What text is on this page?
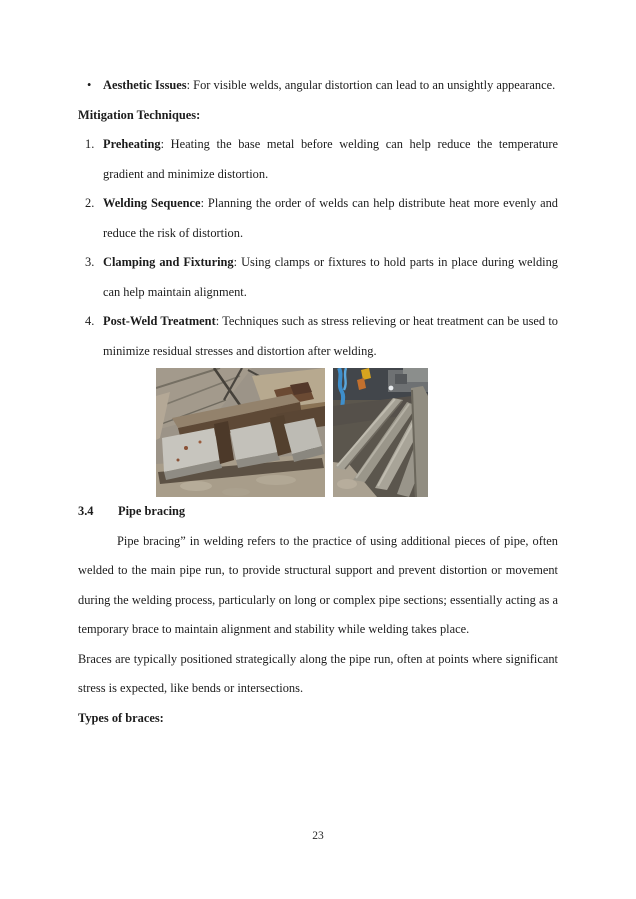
• Aesthetic Issues: For visible welds, angular distortion can lead to an unsightly appearance.

Mitigation Techniques:

1. Preheating: Heating the base metal before welding can help reduce the temperature gradient and minimize distortion.

2. Welding Sequence: Planning the order of welds can help distribute heat more evenly and reduce the risk of distortion.

3. Clamping and Fixturing: Using clamps or fixtures to hold parts in place during welding can help maintain alignment.

4. Post-Weld Treatment: Techniques such as stress relieving or heat treatment can be used to minimize residual stresses and distortion after welding.

3.4 Pipe bracing

Pipe bracing” in welding refers to the practice of using additional pieces of pipe, often welded to the main pipe run, to provide structural support and prevent distortion or movement during the welding process, particularly on long or complex pipe sections; essentially acting as a temporary brace to maintain alignment and stability while welding takes place.

Braces are typically positioned strategically along the pipe run, often at points where significant stress is expected, like bends or intersections.

Types of braces:

23
